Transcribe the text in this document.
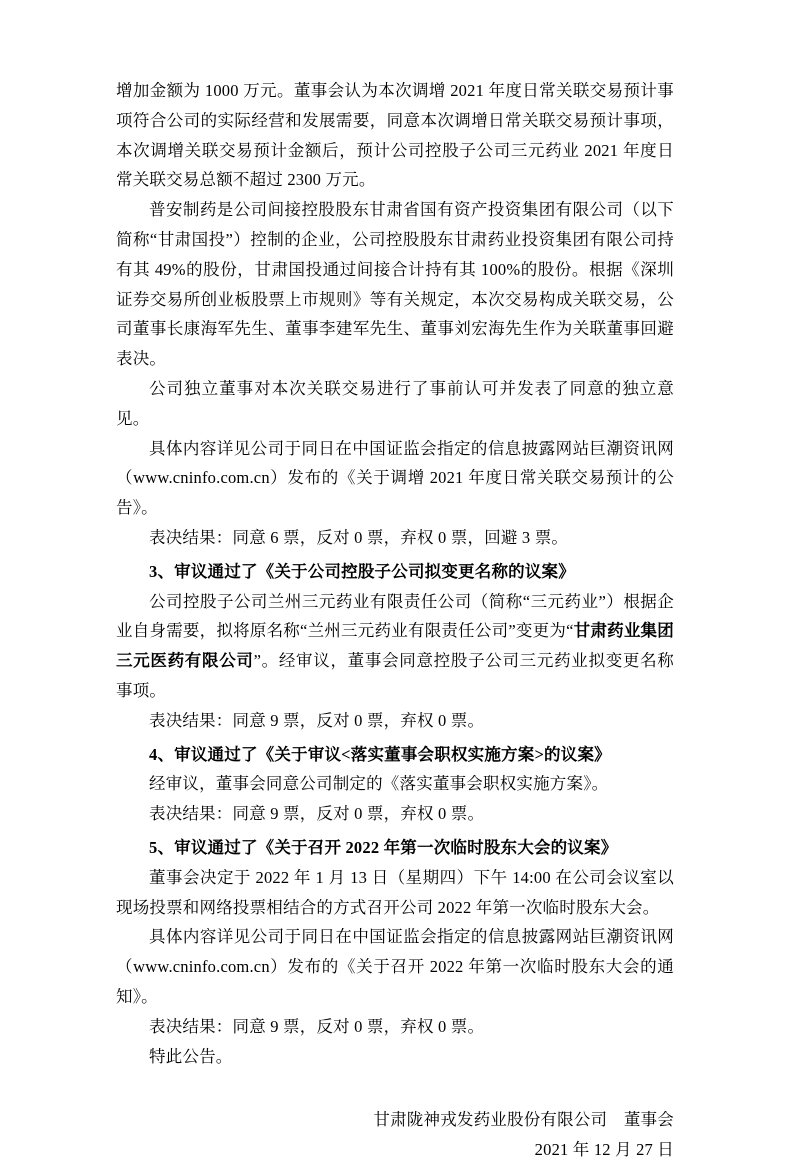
增加金额为 1000 万元。董事会认为本次调增 2021 年度日常关联交易预计事项符合公司的实际经营和发展需要，同意本次调增日常关联交易预计事项，本次调增关联交易预计金额后，预计公司控股子公司三元药业 2021 年度日常关联交易总额不超过 2300 万元。

普安制药是公司间接控股股东甘肃省国有资产投资集团有限公司（以下简称“甘肃国投”）控制的企业，公司控股股东甘肃药业投资集团有限公司持有其 49%的股份，甘肃国投通过间接合计持有其 100%的股份。根据《深圳证券交易所创业板股票上市规则》等有关规定，本次交易构成关联交易，公司董事长康海军先生、董事李建军先生、董事刘宏海先生作为关联董事回避表决。

公司独立董事对本次关联交易进行了事前认可并发表了同意的独立意见。

具体内容详见公司于同日在中国证监会指定的信息披露网站巨潮资讯网（www.cninfo.com.cn）发布的《关于调增 2021 年度日常关联交易预计的公告》。

表决结果：同意 6 票，反对 0 票，弃权 0 票，回避 3 票。

3、审议通过了《关于公司控股子公司拟变更名称的议案》

公司控股子公司兰州三元药业有限责任公司（简称“三元药业”）根据企业自身需要，拟将原名称“兰州三元药业有限责任公司”变更为“甘肃药业集团三元医药有限公司”。经审议，董事会同意控股子公司三元药业拟变更名称事项。

表决结果：同意 9 票，反对 0 票，弃权 0 票。

4、审议通过了《关于审议<落实董事会职权实施方案>的议案》

经审议，董事会同意公司制定的《落实董事会职权实施方案》。

表决结果：同意 9 票，反对 0 票，弃权 0 票。

5、审议通过了《关于召开 2022 年第一次临时股东大会的议案》

董事会决定于 2022 年 1 月 13 日（星期四）下午 14:00 在公司会议室以现场投票和网络投票相结合的方式召开公司 2022 年第一次临时股东大会。

具体内容详见公司于同日在中国证监会指定的信息披露网站巨潮资讯网（www.cninfo.com.cn）发布的《关于召开 2022 年第一次临时股东大会的通知》。

表决结果：同意 9 票，反对 0 票，弃权 0 票。

特此公告。

甘肃陇神戎发药业股份有限公司　董事会

2021 年 12 月 27 日
